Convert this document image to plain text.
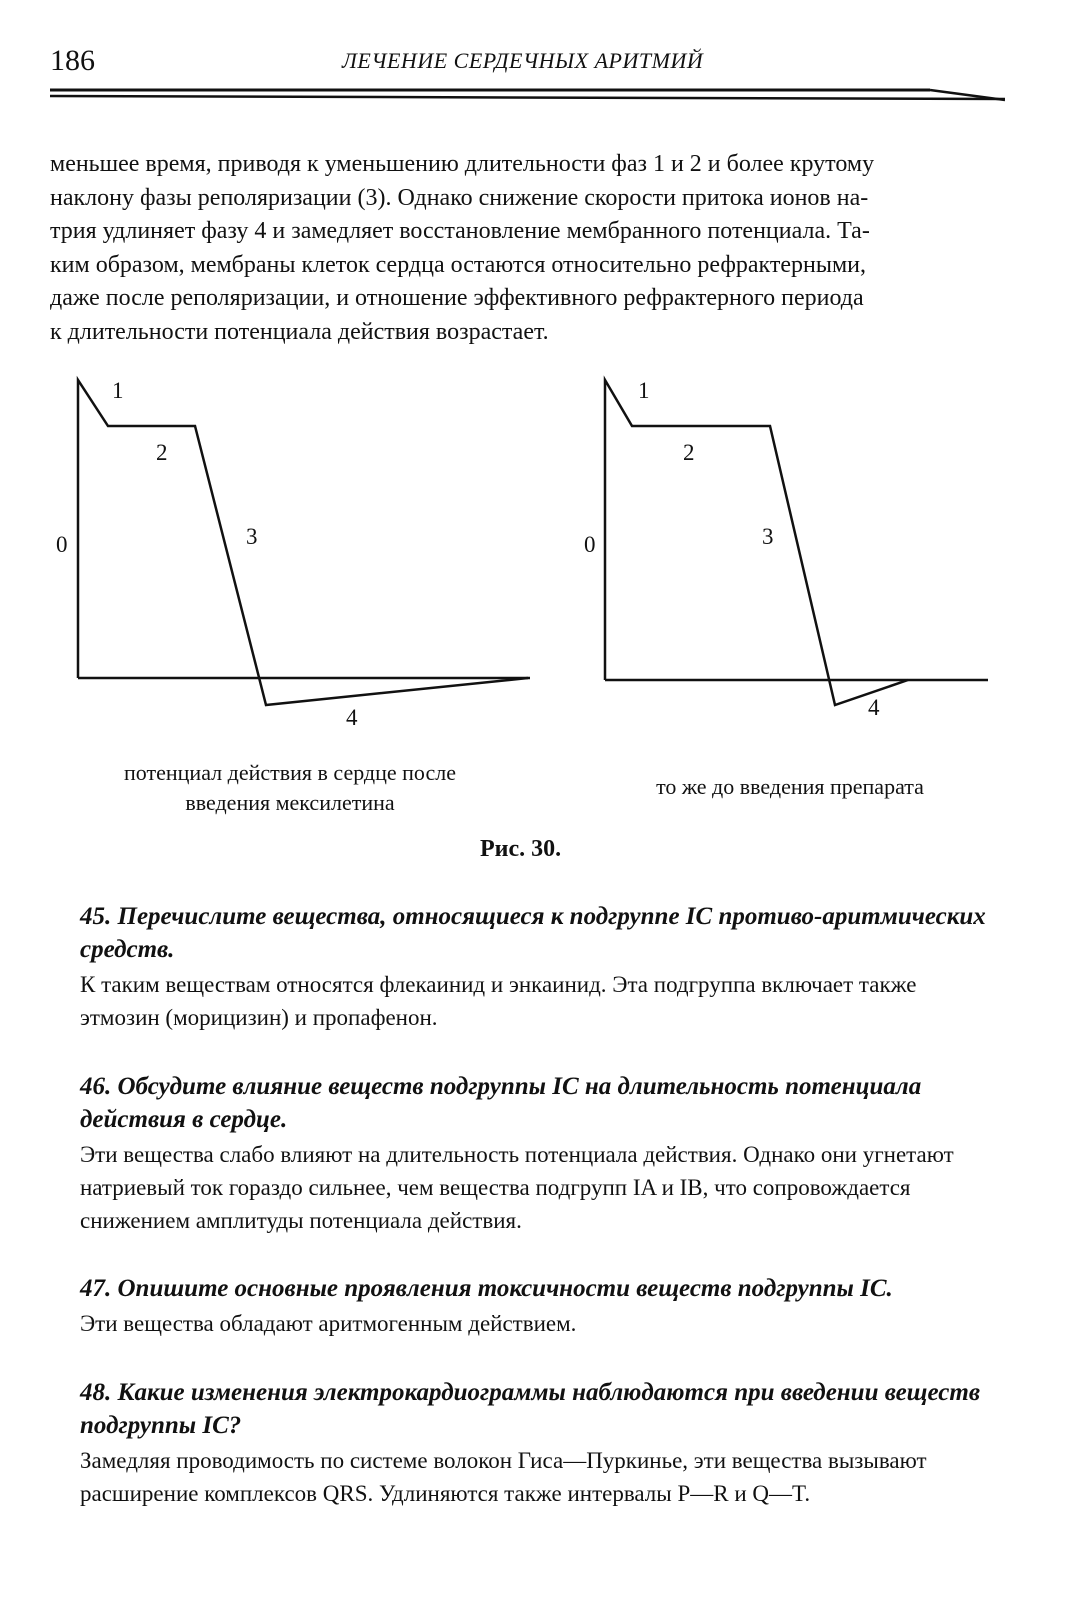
186	ЛЕЧЕНИЕ СЕРДЕЧНЫХ АРИТМИЙ
меньшее время, приводя к уменьшению длительности фаз 1 и 2 и более крутому
наклону фазы реполяризации (3). Однако снижение скорости притока ионов на-
трия удлиняет фазу 4 и замедляет восстановление мембранного потенциала. Та-
ким образом, мембраны клеток сердца остаются относительно рефрактерными,
даже после реполяризации, и отношение эффективного рефрактерного периода
к длительности потенциала действия возрастает.
1
2
3
0
4
1
2
3
0
4
потенциал действия в сердце после
введения мексилетина
то же до введения препарата
Рис. 30.

45. Перечислите вещества, относящиеся к подгруппе IC противо-аритмических средств.

К таким веществам относятся флекаинид и энкаинид. Эта подгруппа включает также этмозин (морицизин) и пропафенон.

46. Обсудите влияние веществ подгруппы IC на длительность потенциала действия в сердце.

Эти вещества слабо влияют на длительность потенциала действия. Однако они угнетают натриевый ток гораздо сильнее, чем вещества подгрупп IA и IB, что сопровождается снижением амплитуды потенциала действия.

47. Опишите основные проявления токсичности веществ подгруппы IC.

Эти вещества обладают аритмогенным действием.

48. Какие изменения электрокардиограммы наблюдаются при введении веществ подгруппы IC?

Замедляя проводимость по системе волокон Гиса—Пуркинье, эти вещества вызывают расширение комплексов QRS. Удлиняются также интервалы P—R и Q—T.
